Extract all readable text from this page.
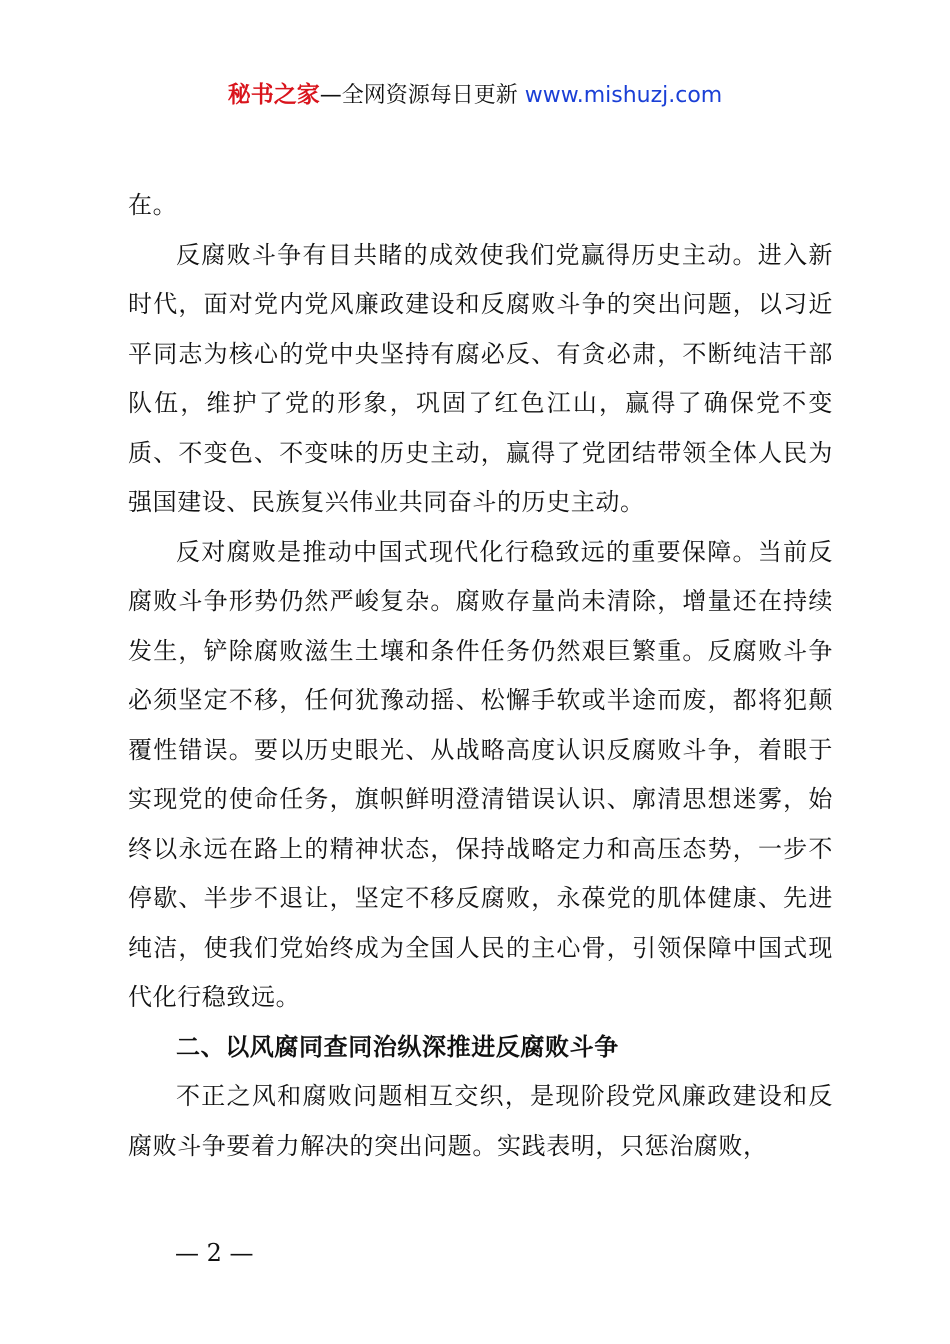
秘书之家—全网资源每日更新 www.mishuzj.com

在。

反腐败斗争有目共睹的成效使我们党赢得历史主动。进入新时代，面对党内党风廉政建设和反腐败斗争的突出问题，以习近平同志为核心的党中央坚持有腐必反、有贪必肃，不断纯洁干部队伍，维护了党的形象，巩固了红色江山，赢得了确保党不变质、不变色、不变味的历史主动，赢得了党团结带领全体人民为强国建设、民族复兴伟业共同奋斗的历史主动。

反对腐败是推动中国式现代化行稳致远的重要保障。当前反腐败斗争形势仍然严峻复杂。腐败存量尚未清除，增量还在持续发生，铲除腐败滋生土壤和条件任务仍然艰巨繁重。反腐败斗争必须坚定不移，任何犹豫动摇、松懈手软或半途而废，都将犯颠覆性错误。要以历史眼光、从战略高度认识反腐败斗争，着眼于实现党的使命任务，旗帜鲜明澄清错误认识、廓清思想迷雾，始终以永远在路上的精神状态，保持战略定力和高压态势，一步不停歇、半步不退让，坚定不移反腐败，永葆党的肌体健康、先进纯洁，使我们党始终成为全国人民的主心骨，引领保障中国式现代化行稳致远。

二、以风腐同查同治纵深推进反腐败斗争

不正之风和腐败问题相互交织，是现阶段党风廉政建设和反腐败斗争要着力解决的突出问题。实践表明，只惩治腐败，

— 2 —
